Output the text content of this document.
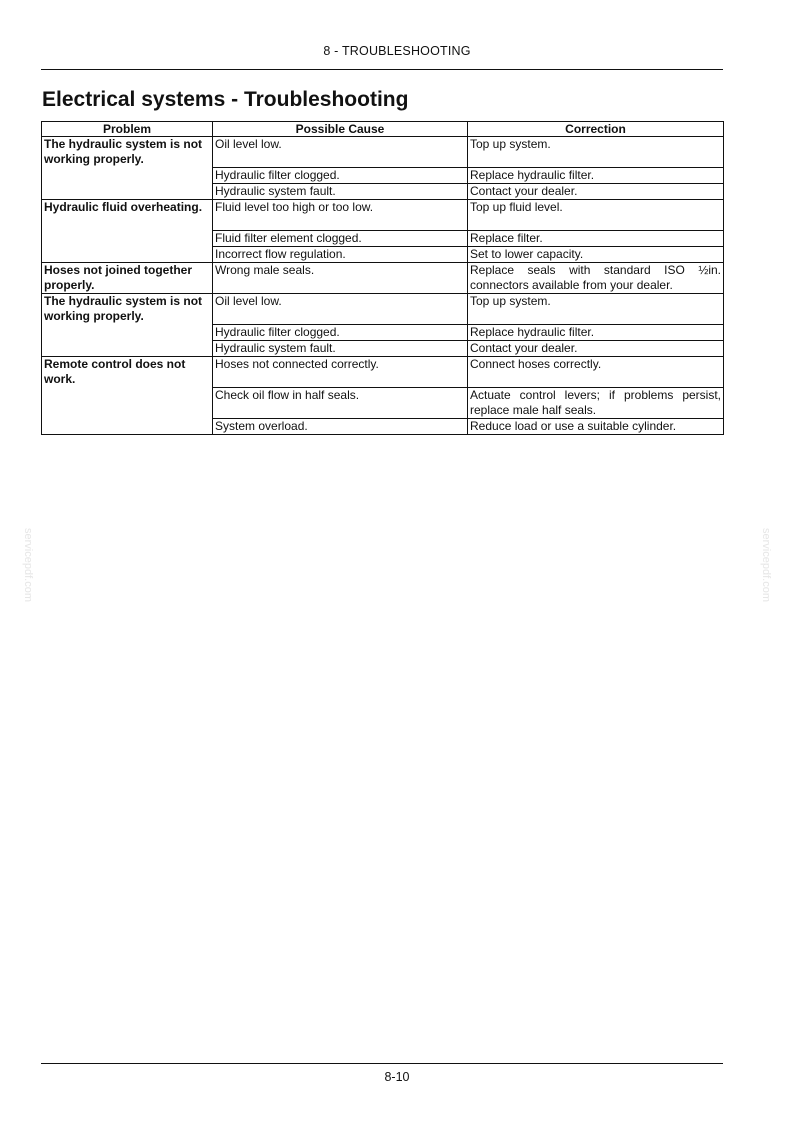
8 - TROUBLESHOOTING
Electrical systems - Troubleshooting
Problem	Possible Cause	Correction
The hydraulic system is not working properly.	Oil level low.	Top up system.
	Hydraulic filter clogged.	Replace hydraulic filter.
	Hydraulic system fault.	Contact your dealer.
Hydraulic fluid overheating.	Fluid level too high or too low.	Top up fluid level.
	Fluid filter element clogged.	Replace filter.
	Incorrect flow regulation.	Set to lower capacity.
Hoses not joined together properly.	Wrong male seals.	Replace seals with standard ISO ½in. connectors available from your dealer.
The hydraulic system is not working properly.	Oil level low.	Top up system.
	Hydraulic filter clogged.	Replace hydraulic filter.
	Hydraulic system fault.	Contact your dealer.
Remote control does not work.	Hoses not connected correctly.	Connect hoses correctly.
	Check oil flow in half seals.	Actuate control levers; if problems persist, replace male half seals.
	System overload.	Reduce load or use a suitable cylinder.
servicepdf.com	servicepdf.com
8-10
